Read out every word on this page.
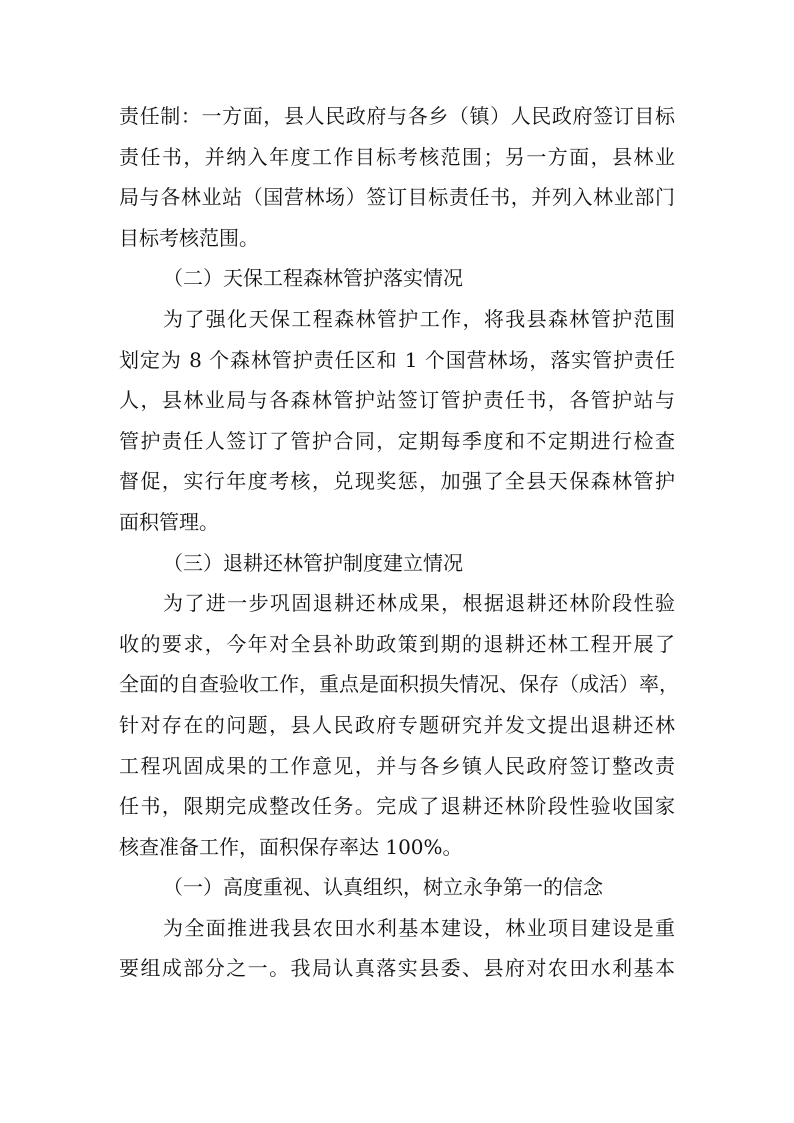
责任制：一方面，县人民政府与各乡（镇）人民政府签订目标
责任书，并纳入年度工作目标考核范围；另一方面，县林业
局与各林业站（国营林场）签订目标责任书，并列入林业部门
目标考核范围。
（二）天保工程森林管护落实情况
为了强化天保工程森林管护工作，将我县森林管护范围
划定为 8 个森林管护责任区和 1 个国营林场，落实管护责任
人，县林业局与各森林管护站签订管护责任书，各管护站与
管护责任人签订了管护合同，定期每季度和不定期进行检查
督促，实行年度考核，兑现奖惩，加强了全县天保森林管护
面积管理。
（三）退耕还林管护制度建立情况
为了进一步巩固退耕还林成果，根据退耕还林阶段性验
收的要求，今年对全县补助政策到期的退耕还林工程开展了
全面的自查验收工作，重点是面积损失情况、保存（成活）率，
针对存在的问题，县人民政府专题研究并发文提出退耕还林
工程巩固成果的工作意见，并与各乡镇人民政府签订整改责
任书，限期完成整改任务。完成了退耕还林阶段性验收国家
核查准备工作，面积保存率达 100%。
（一）高度重视、认真组织，树立永争第一的信念
为全面推进我县农田水利基本建设，林业项目建设是重
要组成部分之一。我局认真落实县委、县府对农田水利基本
